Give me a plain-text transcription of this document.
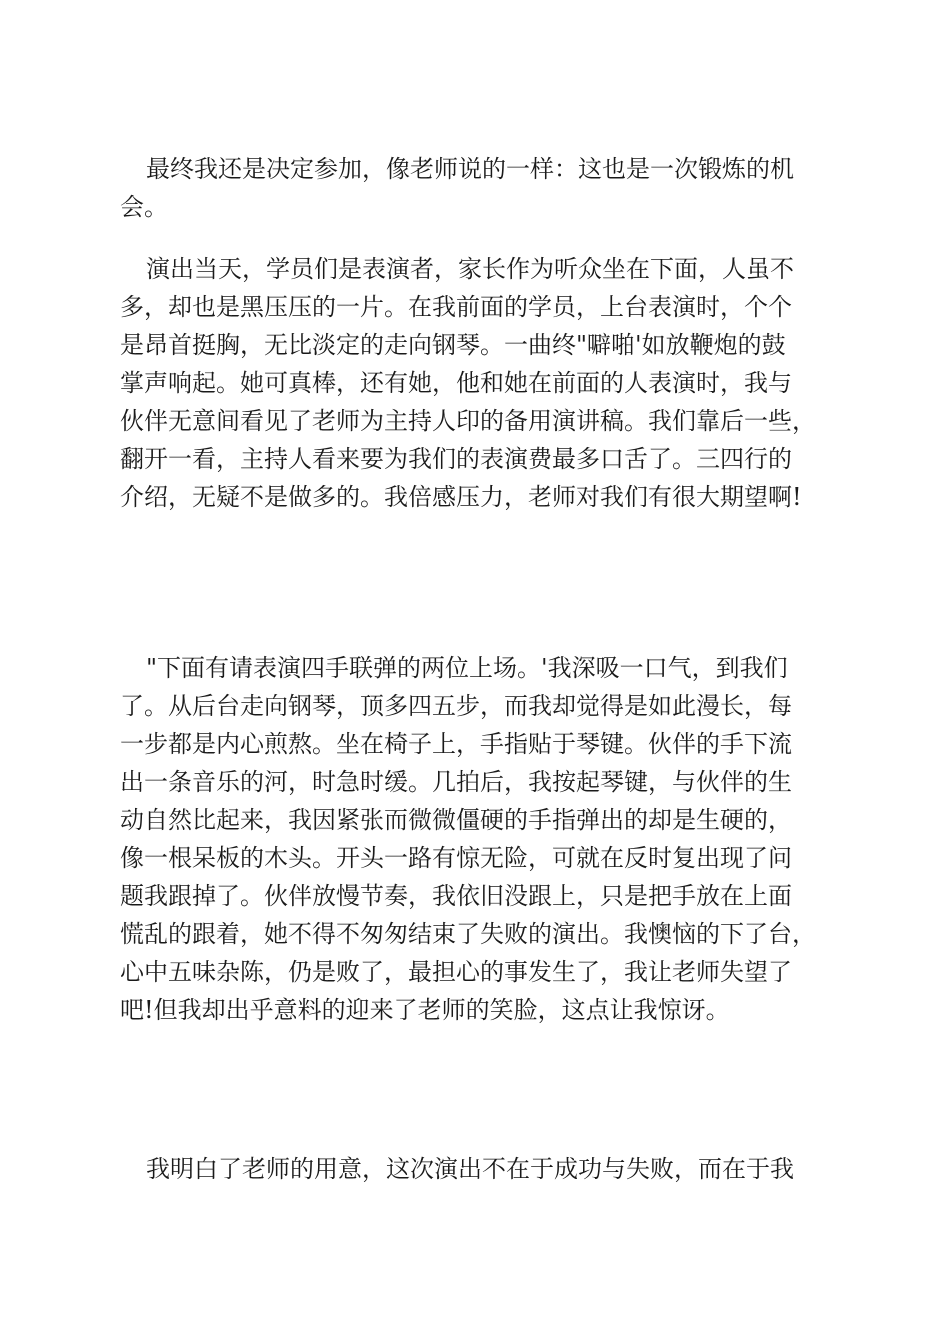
最终我还是决定参加，像老师说的一样：这也是一次锻炼的机
会。
演出当天，学员们是表演者，家长作为听众坐在下面，人虽不
多，却也是黑压压的一片。在我前面的学员，上台表演时，个个
是昂首挺胸，无比淡定的走向钢琴。一曲终"噼啪'如放鞭炮的鼓
掌声响起。她可真棒，还有她，他和她在前面的人表演时，我与
伙伴无意间看见了老师为主持人印的备用演讲稿。我们靠后一些，
翻开一看，主持人看来要为我们的表演费最多口舌了。三四行的
介绍，无疑不是做多的。我倍感压力，老师对我们有很大期望啊!
"下面有请表演四手联弹的两位上场。'我深吸一口气，到我们
了。从后台走向钢琴，顶多四五步，而我却觉得是如此漫长，每
一步都是内心煎熬。坐在椅子上，手指贴于琴键。伙伴的手下流
出一条音乐的河，时急时缓。几拍后，我按起琴键，与伙伴的生
动自然比起来，我因紧张而微微僵硬的手指弹出的却是生硬的，
像一根呆板的木头。开头一路有惊无险，可就在反时复出现了问
题我跟掉了。伙伴放慢节奏，我依旧没跟上，只是把手放在上面
慌乱的跟着，她不得不匆匆结束了失败的演出。我懊恼的下了台，
心中五味杂陈，仍是败了，最担心的事发生了，我让老师失望了
吧!但我却出乎意料的迎来了老师的笑脸，这点让我惊讶。
我明白了老师的用意，这次演出不在于成功与失败，而在于我
